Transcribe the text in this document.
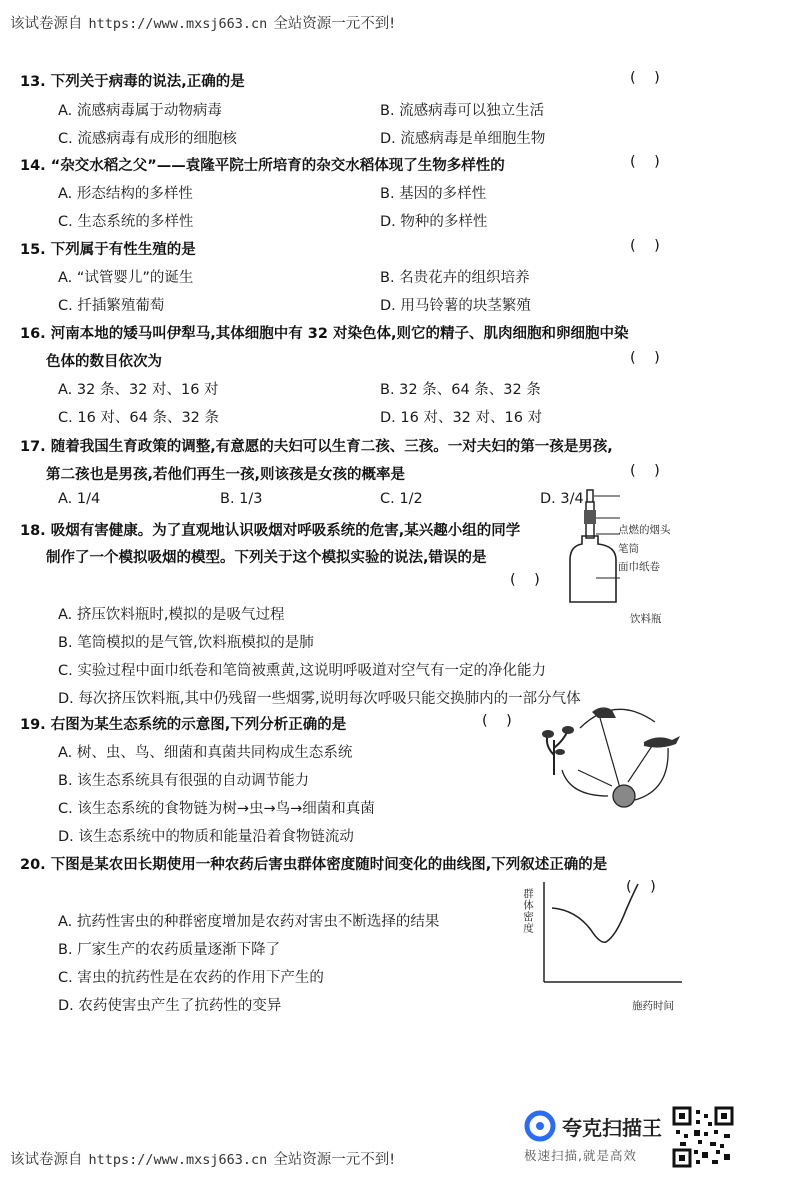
该试卷源自 https://www.mxsj663.cn 全站资源一元不到!
13. 下列关于病毒的说法,正确的是	(    )
A. 流感病毒属于动物病毒	B. 流感病毒可以独立生活
C. 流感病毒有成形的细胞核	D. 流感病毒是单细胞生物
14. “杂交水稻之父”——袁隆平院士所培育的杂交水稻体现了生物多样性的	(    )
A. 形态结构的多样性	B. 基因的多样性
C. 生态系统的多样性	D. 物种的多样性
15. 下列属于有性生殖的是	(    )
A. “试管婴儿”的诞生	B. 名贵花卉的组织培养
C. 扦插繁殖葡萄	D. 用马铃薯的块茎繁殖
16. 河南本地的矮马叫伊犁马,其体细胞中有 32 对染色体,则它的精子、肌肉细胞和卵细胞中染
色体的数目依次为	(    )
A. 32 条、32 对、16 对	B. 32 条、64 条、32 条
C. 16 对、64 条、32 条	D. 16 对、32 对、16 对
17. 随着我国生育政策的调整,有意愿的夫妇可以生育二孩、三孩。一对夫妇的第一孩是男孩,
第二孩也是男孩,若他们再生一孩,则该孩是女孩的概率是	(    )
A. 1/4	B. 1/3	C. 1/2	D. 3/4
18. 吸烟有害健康。为了直观地认识吸烟对呼吸系统的危害,某兴趣小组的同学
制作了一个模拟吸烟的模型。下列关于这个模拟实验的说法,错误的是
(    )
A. 挤压饮料瓶时,模拟的是吸气过程
B. 笔筒模拟的是气管,饮料瓶模拟的是肺
C. 实验过程中面巾纸卷和笔筒被熏黄,这说明呼吸道对空气有一定的净化能力
D. 每次挤压饮料瓶,其中仍残留一些烟雾,说明每次呼吸只能交换肺内的一部分气体
点燃的烟头
笔筒
面巾纸卷
饮料瓶
19. 右图为某生态系统的示意图,下列分析正确的是	(    )
A. 树、虫、鸟、细菌和真菌共同构成生态系统
B. 该生态系统具有很强的自动调节能力
C. 该生态系统的食物链为树→虫→鸟→细菌和真菌
D. 该生态系统中的物质和能量沿着食物链流动
20. 下图是某农田长期使用一种农药后害虫群体密度随时间变化的曲线图,下列叙述正确的是
(    )
A. 抗药性害虫的种群密度增加是农药对害虫不断选择的结果
B. 厂家生产的农药质量逐渐下降了
C. 害虫的抗药性是在农药的作用下产生的
D. 农药使害虫产生了抗药性的变异
群体密度
施药时间
夸克扫描王
极速扫描,就是高效
该试卷源自 https://www.mxsj663.cn 全站资源一元不到!
